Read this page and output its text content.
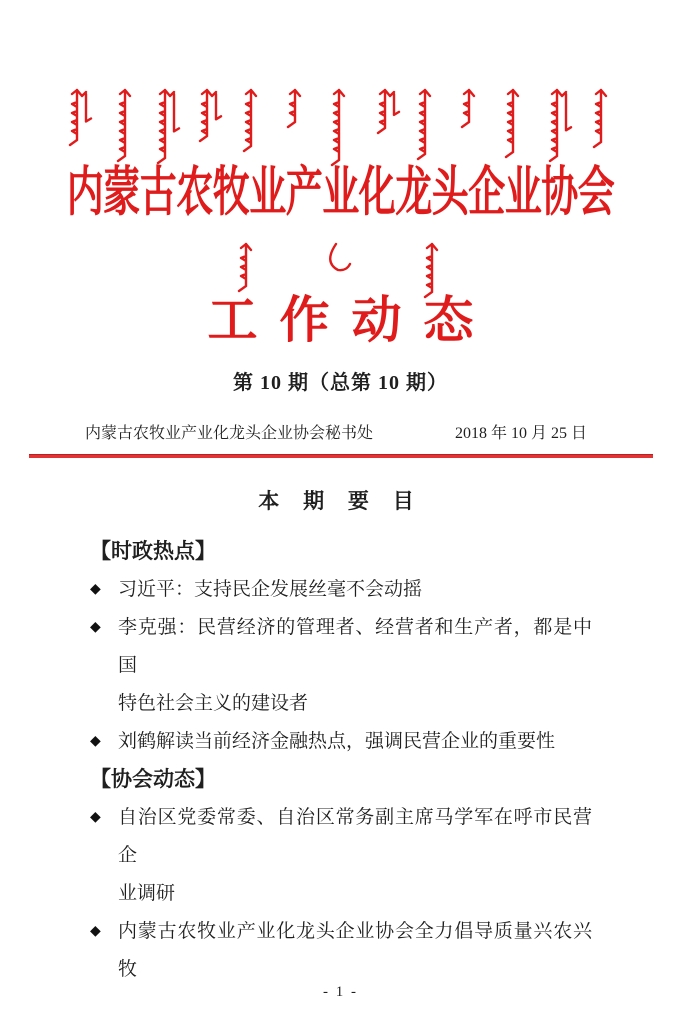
内蒙古农牧业产业化龙头企业协会
工作动态
第 10 期（总第 10 期）
内蒙古农牧业产业化龙头企业协会秘书处	2018 年 10 月 25 日
本 期 要 目
【时政热点】
◆ 习近平：支持民企发展丝毫不会动摇
◆ 李克强：民营经济的管理者、经营者和生产者，都是中国
特色社会主义的建设者
◆ 刘鹤解读当前经济金融热点，强调民营企业的重要性
【协会动态】
◆ 自治区党委常委、自治区常务副主席马学军在呼市民营企
业调研
◆ 内蒙古农牧业产业化龙头企业协会全力倡导质量兴农兴
牧
- 1 -
